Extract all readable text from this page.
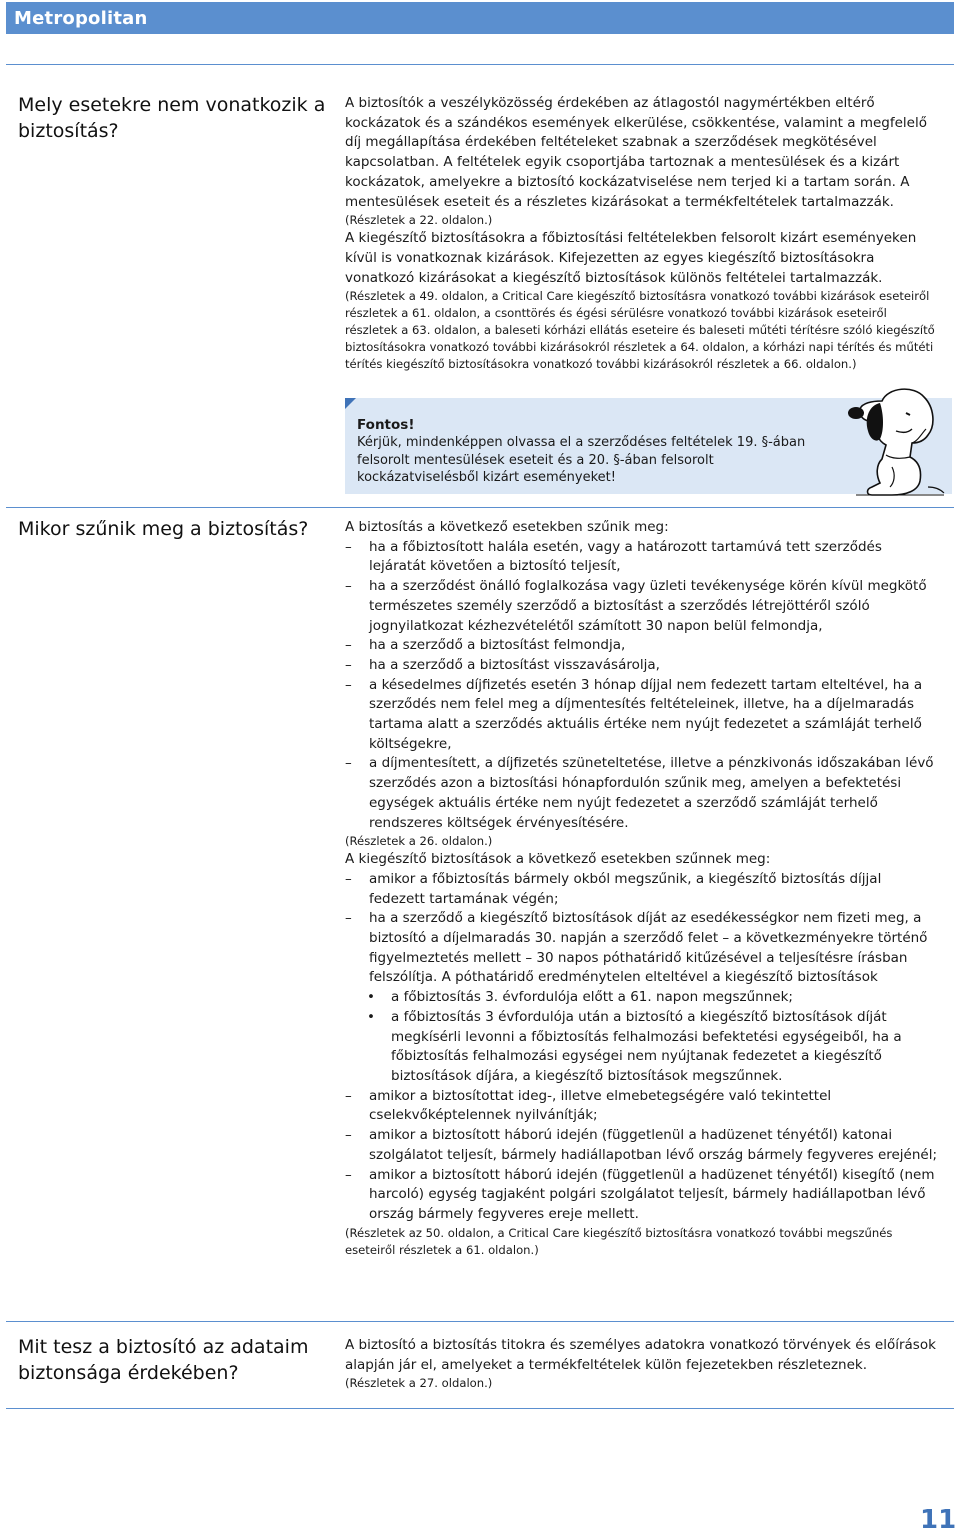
Metropolitan
Mely esetekre nem vonatkozik a biztosítás?

A biztosítók a veszélyközösség érdekében az átlagostól nagymértékben eltérő kockázatok és a szándékos események elkerülése, csökkentése, valamint a megfelelő díj megállapítása érdekében feltételeket szabnak a szerződések megkötésével kapcsolatban. A feltételek egyik csoportjába tartoznak a mentesülések és a kizárt kockázatok, amelyekre a biztosító kockázatviselése nem terjed ki a tartam során. A mentesülések eseteit és a részletes kizárásokat a termékfeltételek tartalmazzák.

(Részletek a 22. oldalon.)

A kiegészítő biztosításokra a főbiztosítási feltételekben felsorolt kizárt eseményeken kívül is vonatkoznak kizárások. Kifejezetten az egyes kiegészítő biztosításokra vonatkozó kizárásokat a kiegészítő biztosítások különös feltételei tartalmazzák.

(Részletek a 49. oldalon, a Critical Care kiegészítő biztosításra vonatkozó további kizárások eseteiről részletek a 61. oldalon, a csonttörés és égési sérülésre vonatkozó további kizárások eseteiről részletek a 63. oldalon, a baleseti kórházi ellátás eseteire és baleseti műtéti térítésre szóló kiegészítő biztosításokra vonatkozó további kizárásokról részletek a 64. oldalon, a kórházi napi térítés és műtéti térítés kiegészítő biztosításokra vonatkozó további kizárásokról részletek a 66. oldalon.)

Fontos!
Kérjük, mindenképpen olvassa el a szerződéses feltételek 19. §-ában felsorolt mentesülések eseteit és a 20. §-ában felsorolt kockázatviselésből kizárt eseményeket!
Mikor szűnik meg a biztosítás?	A biztosítás a következő esetekben szűnik meg:

–	ha a főbiztosított halála esetén, vagy a határozott tartamúvá tett szerződés lejáratát követően a biztosító teljesít,
–	ha a szerződést önálló foglalkozása vagy üzleti tevékenysége körén kívül megkötő természetes személy szerződő a biztosítást a szerződés létrejöttéről szóló jognyilatkozat kézhezvételétől számított 30 napon belül felmondja,
–	ha a szerződő a biztosítást felmondja,
–	ha a szerződő a biztosítást visszavásárolja,
–	a késedelmes díjfizetés esetén 3 hónap díjjal nem fedezett tartam elteltével, ha a szerződés nem felel meg a díjmentesítés feltételeinek, illetve, ha a díjelmaradás tartama alatt a szerződés aktuális értéke nem nyújt fedezetet a számláját terhelő költségekre,
–	a díjmentesített, a díjfizetés szüneteltetése, illetve a pénzkivonás időszakában lévő szerződés azon a biztosítási hónapfordulón szűnik meg, amelyen a befektetési egységek aktuális értéke nem nyújt fedezetet a szerződő számláját terhelő rendszeres költségek érvényesítésére.

(Részletek a 26. oldalon.)

A kiegészítő biztosítások a következő esetekben szűnnek meg:

–	amikor a főbiztosítás bármely okból megszűnik, a kiegészítő biztosítás díjjal fedezett tartamának végén;
–	ha a szerződő a kiegészítő biztosítások díját az esedékességkor nem fizeti meg, a biztosító a díjelmaradás 30. napján a szerződő felet – a következményekre történő figyelmeztetés mellett – 30 napos póthatáridő kitűzésével a teljesítésre írásban felszólítja. A póthatáridő eredménytelen elteltével a kiegészítő biztosítások
•	a főbiztosítás 3. évfordulója előtt a 61. napon megszűnnek;
•	a főbiztosítás 3 évfordulója után a biztosító a kiegészítő biztosítások díját megkísérli levonni a főbiztosítás felhalmozási befektetési egységeiből, ha a főbiztosítás felhalmozási egységei nem nyújtanak fedezetet a kiegészítő biztosítások díjára, a kiegészítő biztosítások megszűnnek.
–	amikor a biztosítottat ideg-, illetve elmebetegségére való tekintettel cselekvőképtelennek nyilvánítják;
–	amikor a biztosított háború idején (függetlenül a hadüzenet tényétől) katonai szolgálatot teljesít, bármely hadiállapotban lévő ország bármely fegyveres erejénél;
–	amikor a biztosított háború idején (függetlenül a hadüzenet tényétől) kisegítő (nem harcoló) egység tagjaként polgári szolgálatot teljesít, bármely hadiállapotban lévő ország bármely fegyveres ereje mellett.

(Részletek az 50. oldalon, a Critical Care kiegészítő biztosításra vonatkozó további megszűnés eseteiről részletek a 61. oldalon.)

Mit tesz a biztosító az adataim biztonsága érdekében?

A biztosító a biztosítás titokra és személyes adatokra vonatkozó törvények és előírások alapján jár el, amelyeket a termékfeltételek külön fejezetekben részleteznek.

(Részletek a 27. oldalon.)

11
